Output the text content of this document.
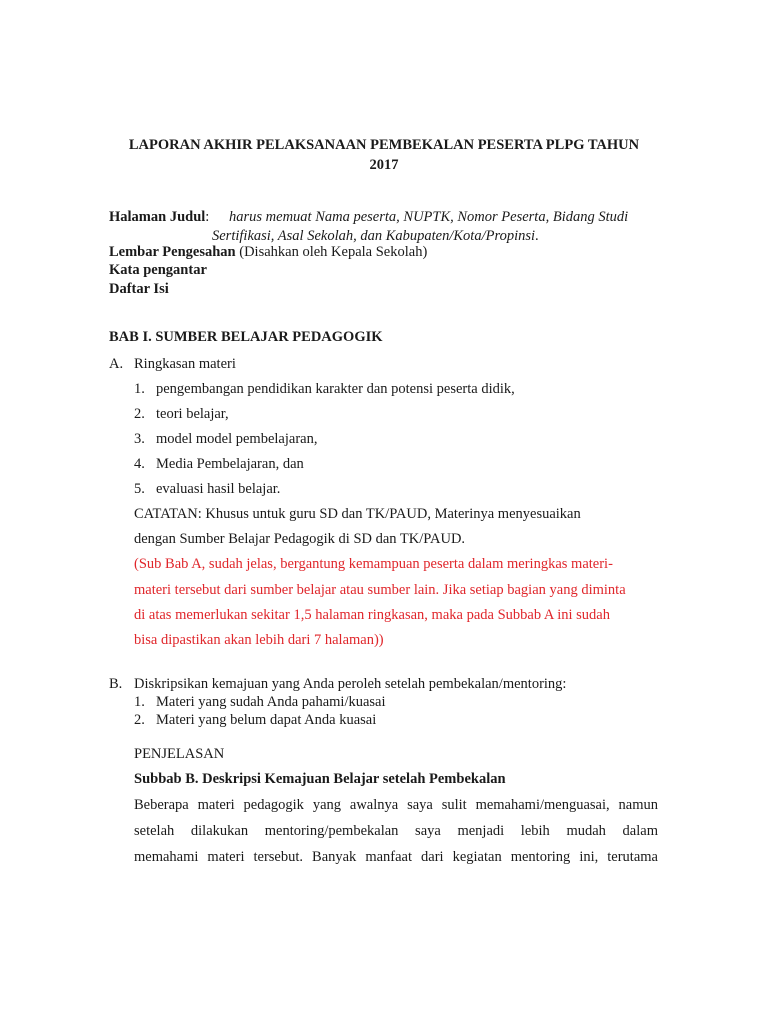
LAPORAN AKHIR PELAKSANAAN PEMBEKALAN PESERTA PLPG TAHUN
2017
Halaman Judul: harus memuat Nama peserta, NUPTK, Nomor Peserta, Bidang Studi
Sertifikasi, Asal Sekolah, dan Kabupaten/Kota/Propinsi.
Lembar Pengesahan (Disahkan oleh Kepala Sekolah)
Kata pengantar
Daftar Isi
BAB I. SUMBER BELAJAR PEDAGOGIK
A. Ringkasan materi
1. pengembangan pendidikan karakter dan potensi peserta didik,
2. teori belajar,
3. model model pembelajaran,
4. Media Pembelajaran, dan
5. evaluasi hasil belajar.
CATATAN: Khusus untuk guru SD dan TK/PAUD, Materinya menyesuaikan
dengan Sumber Belajar Pedagogik di SD dan TK/PAUD.
(Sub Bab A, sudah jelas, bergantung kemampuan peserta dalam meringkas materi-
materi tersebut dari sumber belajar atau sumber lain. Jika setiap bagian yang diminta
di atas memerlukan sekitar 1,5 halaman ringkasan, maka pada Subbab A ini sudah
bisa dipastikan akan lebih dari 7 halaman))
B. Diskripsikan kemajuan yang Anda peroleh setelah pembekalan/mentoring:
1. Materi yang sudah Anda pahami/kuasai
2. Materi yang belum dapat Anda kuasai
PENJELASAN
Subbab B. Deskripsi Kemajuan Belajar setelah Pembekalan
Beberapa materi pedagogik yang awalnya saya sulit memahami/menguasai, namun
setelah dilakukan mentoring/pembekalan saya menjadi lebih mudah dalam
memahami materi tersebut. Banyak manfaat dari kegiatan mentoring ini, terutama
